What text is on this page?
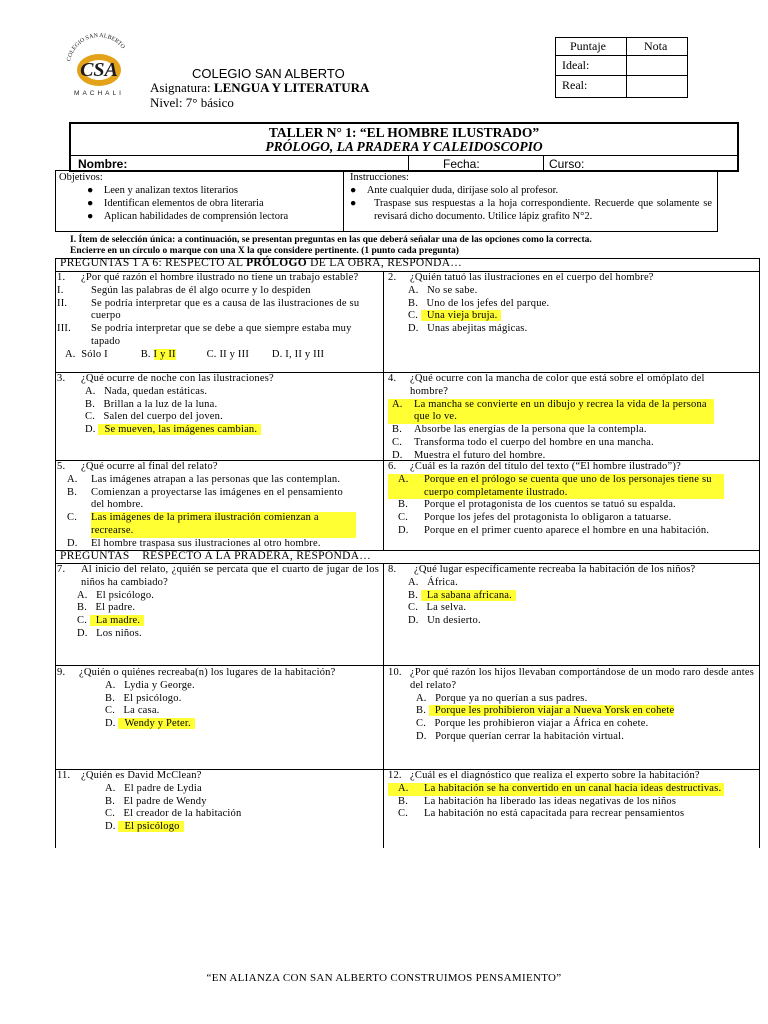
COLEGIO SAN ALBERTO
CSA
MACHALI
COLEGIO SAN ALBERTO
Asignatura: LENGUA Y LITERATURA
Nivel: 7° básico
Puntaje	Nota
Ideal:
Real:
TALLER N° 1: “EL HOMBRE ILUSTRADO”
PRÓLOGO, LA PRADERA Y CALEIDOSCOPIO
Nombre:	Fecha:	Curso:
Objetivos:
● Leen y analizan textos literarios
● Identifican elementos de obra literaria
● Aplican habilidades de comprensión lectora
Instrucciones:
● Ante cualquier duda, diríjase solo al profesor.
●	Traspase sus respuestas a la hoja correspondiente. Recuerde que solamente se revisará dicho documento. Utilice lápiz grafito N°2.
I. Ítem de selección única: a continuación, se presentan preguntas en las que deberá señalar una de las opciones como la correcta.
Encierre en un círculo o marque con una X la que considere pertinente. (1 punto cada pregunta)
PREGUNTAS 1 A 6: RESPECTO AL PRÓLOGO DE LA OBRA, RESPONDA…
1.	¿Por qué razón el hombre ilustrado no tiene un trabajo estable?
I.	Según las palabras de él algo ocurre y lo despiden
II.	Se podría interpretar que es a causa de las ilustraciones de su cuerpo
III.	Se podría interpretar que se debe a que siempre estaba muy tapado
A. Sólo I	B. I y II	C. II y III D. I, II y III
2.	¿Quién tatuó las ilustraciones en el cuerpo del hombre?
A. No se sabe.
B. Uno de los jefes del parque.
C. Una vieja bruja.
D. Unas abejitas mágicas.
3.	¿Qué ocurre de noche con las ilustraciones?
A. Nada, quedan estáticas.
B. Brillan a la luz de la luna.
C. Salen del cuerpo del joven.
D. Se mueven, las imágenes cambian.
4.	¿Qué ocurre con la mancha de color que está sobre el omóplato del hombre?
A.	La mancha se convierte en un dibujo y recrea la vida de la persona que lo ve.
B.	Absorbe las energías de la persona que la contempla.
C.	Transforma todo el cuerpo del hombre en una mancha.
D.	Muestra el futuro del hombre.
5.	¿Qué ocurre al final del relato?
A.	Las imágenes atrapan a las personas que las contemplan.
B.	Comienzan a proyectarse las imágenes en el pensamiento del hombre.
C.	Las imágenes de la primera ilustración comienzan a recrearse.
D.	El hombre traspasa sus ilustraciones al otro hombre.
6.	¿Cuál es la razón del título del texto (“El hombre ilustrado”)?
A.	Porque en el prólogo se cuenta que uno de los personajes tiene su cuerpo completamente ilustrado.
B.	Porque el protagonista de los cuentos se tatuó su espalda.
C.	Porque los jefes del protagonista lo obligaron a tatuarse.
D.	Porque en el primer cuento aparece el hombre en una habitación.
PREGUNTAS    RESPECTO A LA PRADERA, RESPONDA…
7.	Al inicio del relato, ¿quién se percata que el cuarto de jugar de los niños ha cambiado?
A. El psicólogo.
B. El padre.
C. La madre.
D. Los niños.
8.	¿Qué lugar específicamente recreaba la habitación de los niños?
A. África.
B. La sabana africana.
C. La selva.
D. Un desierto.
9.	¿Quién o quiénes recreaba(n) los lugares de la habitación?
A. Lydia y George.
B. El psicólogo.
C. La casa.
D. Wendy y Peter.
10. ¿Por qué razón los hijos llevaban comportándose de un modo raro desde antes del relato?
A. Porque ya no querían a sus padres.
B. Porque les prohibieron viajar a Nueva Yorsk en cohete
C. Porque les prohibieron viajar a África en cohete.
D. Porque querían cerrar la habitación virtual.
11.	¿Quién es David McClean?
A. El padre de Lydia
B. El padre de Wendy
C. El creador de la habitación
D. El psicólogo
12. ¿Cuál es el diagnóstico que realiza el experto sobre la habitación?
A.	La habitación se ha convertido en un canal hacia ideas destructivas.
B.	La habitación ha liberado las ideas negativas de los niños
C.	La habitación no está capacitada para recrear pensamientos
“EN ALIANZA CON SAN ALBERTO CONSTRUIMOS PENSAMIENTO”
